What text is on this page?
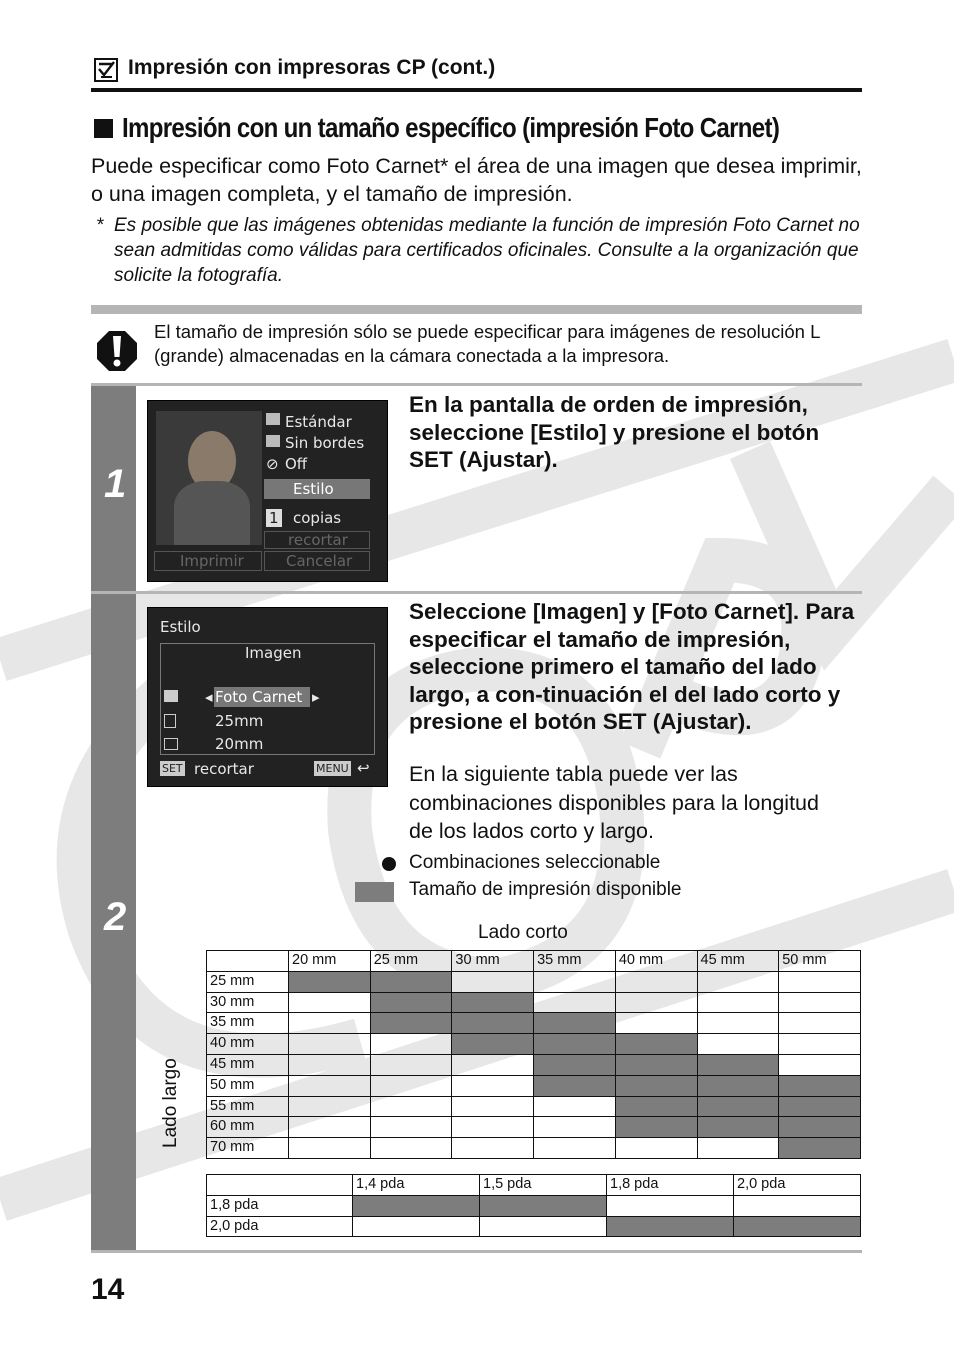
Impresión con impresoras CP (cont.)
Impresión con un tamaño específico (impresión Foto Carnet)
Puede especificar como Foto Carnet* el área de una imagen que desea imprimir, o una imagen completa, y el tamaño de impresión.
* Es posible que las imágenes obtenidas mediante la función de impresión Foto Carnet no sean admitidas como válidas para certificados oficinales. Consulte a la organización que solicite la fotografía.
El tamaño de impresión sólo se puede especificar para imágenes de resolución L (grande) almacenadas en la cámara conectada a la impresora.
1
Estándar
Sin bordes
⊘ Off
Estilo
1 copias
recortar
Imprimir	Cancelar
En la pantalla de orden de impresión, seleccione [Estilo] y presione el botón SET (Ajustar).
2
Estilo
Imagen
◂ Foto Carnet ▸
25mm
20mm
SET recortar	MENU ↩
Seleccione [Imagen] y [Foto Carnet]. Para especificar el tamaño de impresión, seleccione primero el tamaño del lado largo, a con-tinuación el del lado corto y presione el botón SET (Ajustar).
En la siguiente tabla puede ver las combinaciones disponibles para la longitud de los lados corto y largo.
Combinaciones seleccionable
Tamaño de impresión disponible
Lado corto
Lado largo
	20 mm	25 mm	30 mm	35 mm	40 mm	45 mm	50 mm
25 mm							
30 mm							
35 mm							
40 mm							
45 mm							
50 mm							
55 mm							
60 mm							
70 mm							
	1,4 pda	1,5 pda	1,8 pda	2,0 pda
1,8 pda				
2,0 pda				
14
